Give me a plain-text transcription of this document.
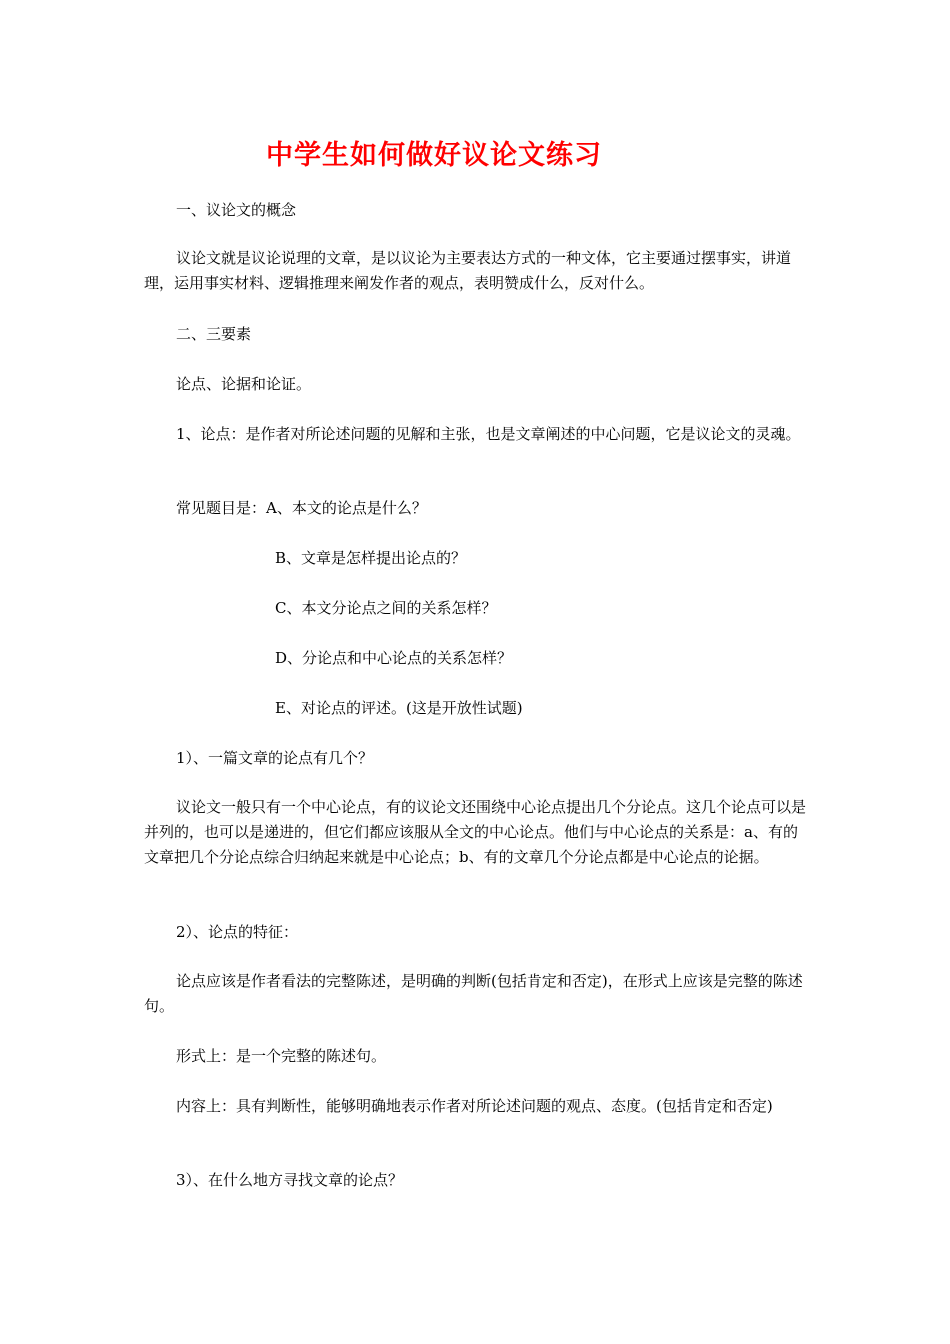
中学生如何做好议论文练习
一、议论文的概念
议论文就是议论说理的文章，是以议论为主要表达方式的一种文体，它主要通过摆事实，讲道理，运用事实材料、逻辑推理来阐发作者的观点，表明赞成什么，反对什么。
二、三要素
论点、论据和论证。
1、论点：是作者对所论述问题的见解和主张，也是文章阐述的中心问题，它是议论文的灵魂。
常见题目是：A、本文的论点是什么？
B、文章是怎样提出论点的？
C、本文分论点之间的关系怎样？
D、分论点和中心论点的关系怎样？
E、对论点的评述。(这是开放性试题)
1）、一篇文章的论点有几个？
议论文一般只有一个中心论点，有的议论文还围绕中心论点提出几个分论点。这几个论点可以是并列的，也可以是递进的，但它们都应该服从全文的中心论点。他们与中心论点的关系是：a、有的文章把几个分论点综合归纳起来就是中心论点；b、有的文章几个分论点都是中心论点的论据。
2）、论点的特征：
论点应该是作者看法的完整陈述，是明确的判断(包括肯定和否定)，在形式上应该是完整的陈述句。
形式上：是一个完整的陈述句。
内容上：具有判断性，能够明确地表示作者对所论述问题的观点、态度。(包括肯定和否定)
3）、在什么地方寻找文章的论点？
